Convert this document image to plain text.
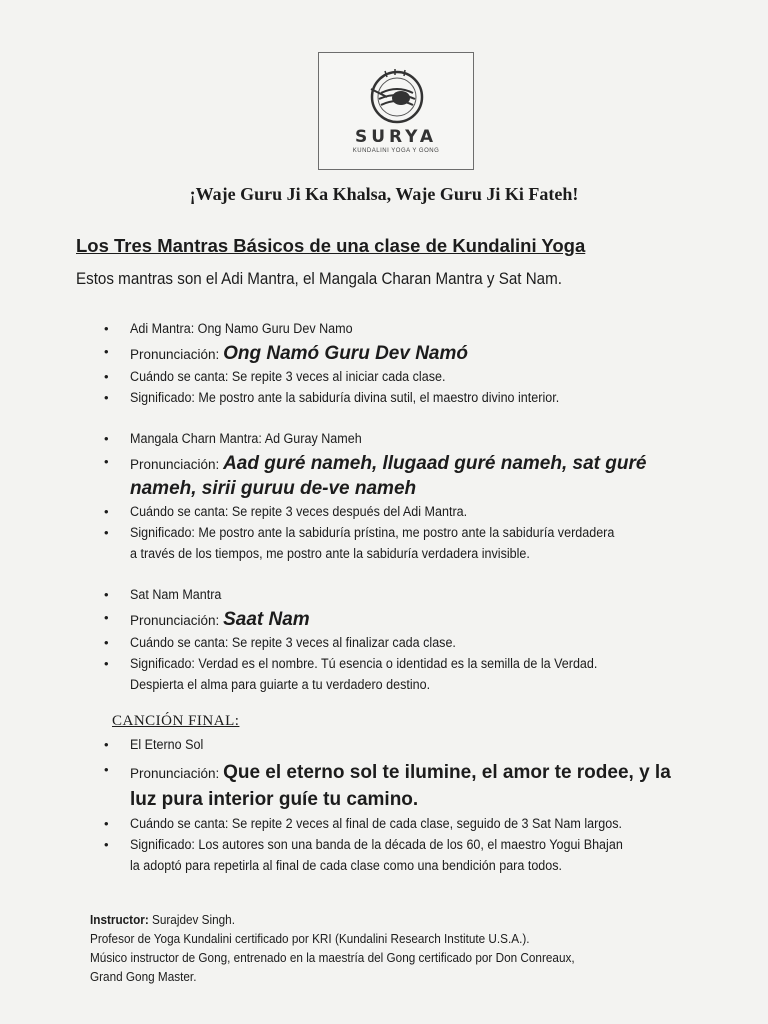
SURYA
KUNDALINI YOGA Y GONG
¡Waje Guru Ji Ka Khalsa, Waje Guru Ji Ki Fateh!
Los Tres Mantras Básicos de una clase de Kundalini Yoga
Estos mantras son el Adi Mantra, el Mangala Charan Mantra y Sat Nam.
• Adi Mantra: Ong Namo Guru Dev Namo
• Pronunciación: Ong Namó Guru Dev Namó
• Cuándo se canta: Se repite 3 veces al iniciar cada clase.
• Significado: Me postro ante la sabiduría divina sutil, el maestro divino interior.
• Mangala Charn Mantra: Ad Guray Nameh
• Pronunciación: Aad guré nameh, llugaad guré nameh, sat guré
nameh, sirii guruu de-ve nameh
• Cuándo se canta: Se repite 3 veces después del Adi Mantra.
• Significado: Me postro ante la sabiduría prístina, me postro ante la sabiduría verdadera
a través de los tiempos, me postro ante la sabiduría verdadera invisible.
• Sat Nam Mantra
• Pronunciación: Saat Nam
• Cuándo se canta: Se repite 3 veces al finalizar cada clase.
• Significado: Verdad es el nombre. Tú esencia o identidad es la semilla de la Verdad.
Despierta el alma para guiarte a tu verdadero destino.
CANCIÓN FINAL:
• El Eterno Sol
• Pronunciación: Que el eterno sol te ilumine, el amor te rodee, y la
luz pura interior guíe tu camino.
• Cuándo se canta: Se repite 2 veces al final de cada clase, seguido de 3 Sat Nam largos.
• Significado: Los autores son una banda de la década de los 60, el maestro Yogui Bhajan
la adoptó para repetirla al final de cada clase como una bendición para todos.
Instructor: Surajdev Singh.
Profesor de Yoga Kundalini certificado por KRI (Kundalini Research Institute U.S.A.).
Músico instructor de Gong, entrenado en la maestría del Gong certificado por Don Conreaux,
Grand Gong Master.
